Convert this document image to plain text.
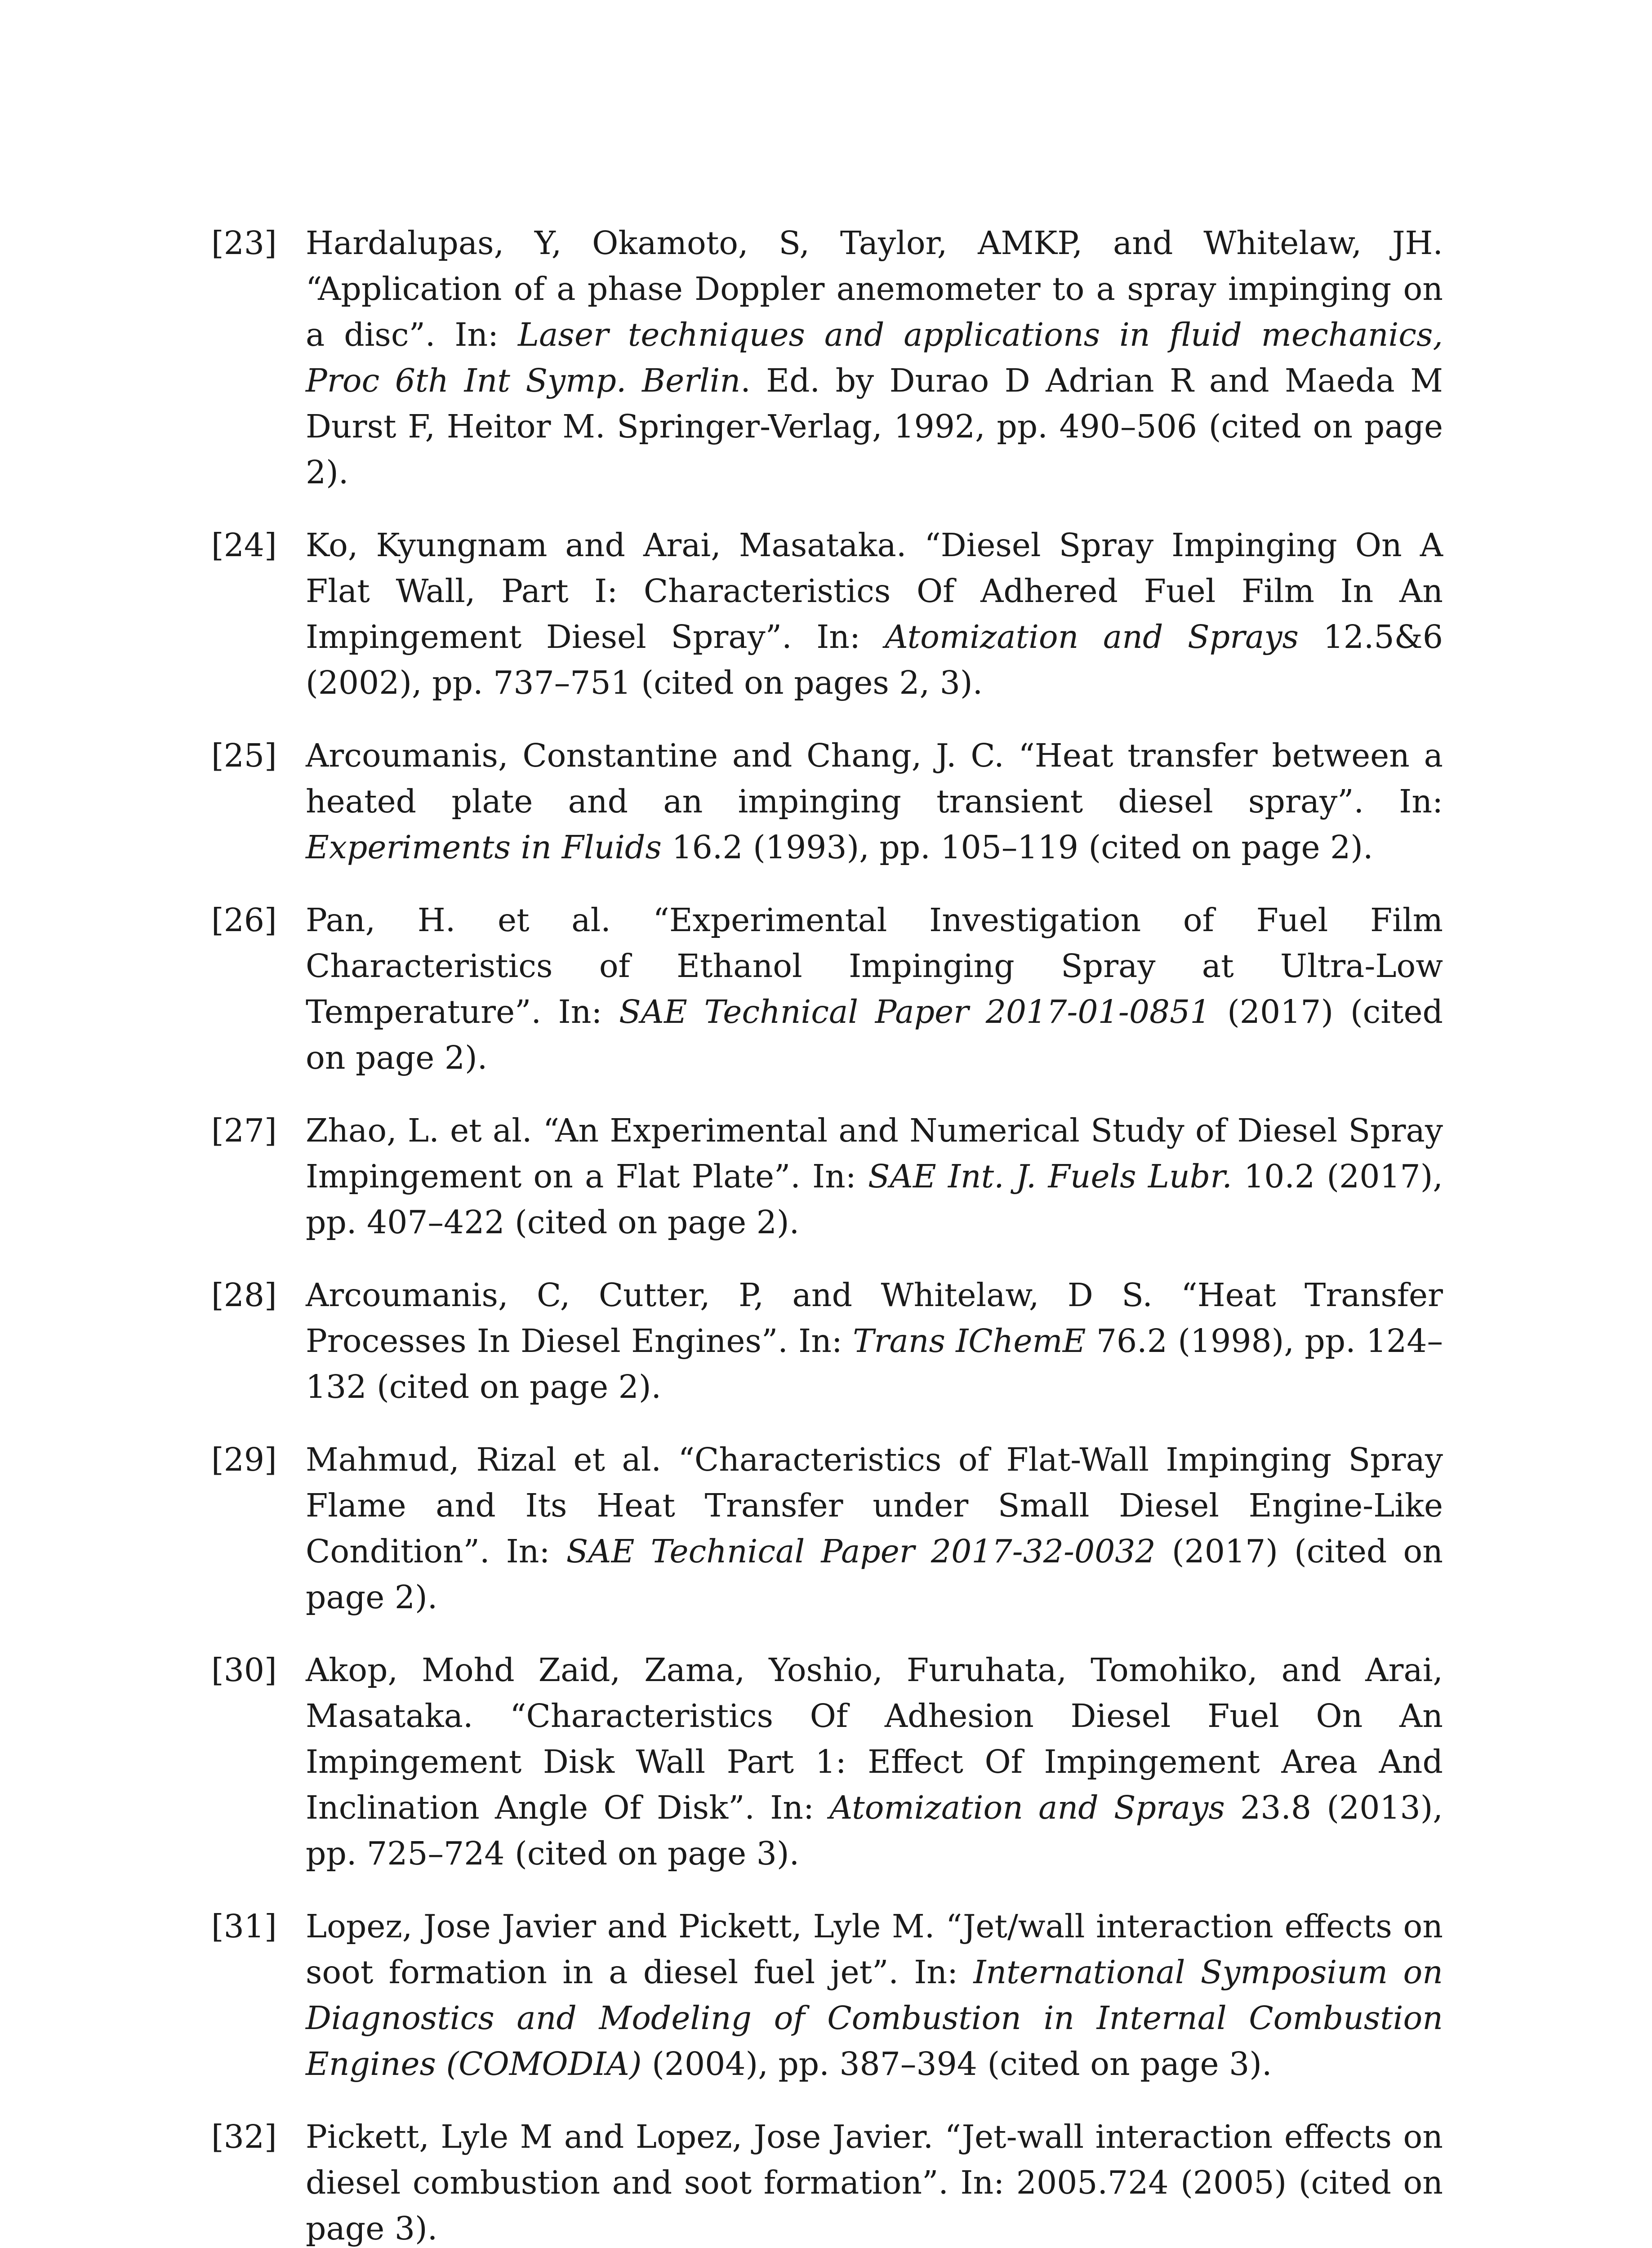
[23] Hardalupas, Y, Okamoto, S, Taylor, AMKP, and Whitelaw, JH. “Application of a phase Doppler anemometer to a spray impinging on a disc”. In: Laser techniques and applications in fluid mechanics, Proc 6th Int Symp. Berlin. Ed. by Durao D Adrian R and Maeda M Durst F, Heitor M. Springer-Verlag, 1992, pp. 490–506 (cited on page 2).
[24] Ko, Kyungnam and Arai, Masataka. “Diesel Spray Impinging On A Flat Wall, Part I: Characteristics Of Adhered Fuel Film In An Impingement Diesel Spray”. In: Atomization and Sprays 12.5&6 (2002), pp. 737–751 (cited on pages 2, 3).
[25] Arcoumanis, Constantine and Chang, J. C. “Heat transfer between a heated plate and an impinging transient diesel spray”. In: Experiments in Fluids 16.2 (1993), pp. 105–119 (cited on page 2).
[26] Pan, H. et al. “Experimental Investigation of Fuel Film Characteristics of Ethanol Impinging Spray at Ultra-Low Temperature”. In: SAE Technical Paper 2017-01-0851 (2017) (cited on page 2).
[27] Zhao, L. et al. “An Experimental and Numerical Study of Diesel Spray Impingement on a Flat Plate”. In: SAE Int. J. Fuels Lubr. 10.2 (2017), pp. 407–422 (cited on page 2).
[28] Arcoumanis, C, Cutter, P, and Whitelaw, D S. “Heat Transfer Processes In Diesel Engines”. In: Trans IChemE 76.2 (1998), pp. 124–132 (cited on page 2).
[29] Mahmud, Rizal et al. “Characteristics of Flat-Wall Impinging Spray Flame and Its Heat Transfer under Small Diesel Engine-Like Condition”. In: SAE Technical Paper 2017-32-0032 (2017) (cited on page 2).
[30] Akop, Mohd Zaid, Zama, Yoshio, Furuhata, Tomohiko, and Arai, Masataka. “Characteristics Of Adhesion Diesel Fuel On An Impingement Disk Wall Part 1: Effect Of Impingement Area And Inclination Angle Of Disk”. In: Atomization and Sprays 23.8 (2013), pp. 725–724 (cited on page 3).
[31] Lopez, Jose Javier and Pickett, Lyle M. “Jet/wall interaction effects on soot formation in a diesel fuel jet”. In: International Symposium on Diagnostics and Modeling of Combustion in Internal Combustion Engines (COMODIA) (2004), pp. 387–394 (cited on page 3).
[32] Pickett, Lyle M and Lopez, Jose Javier. “Jet-wall interaction effects on diesel combustion and soot formation”. In: 2005.724 (2005) (cited on page 3).
